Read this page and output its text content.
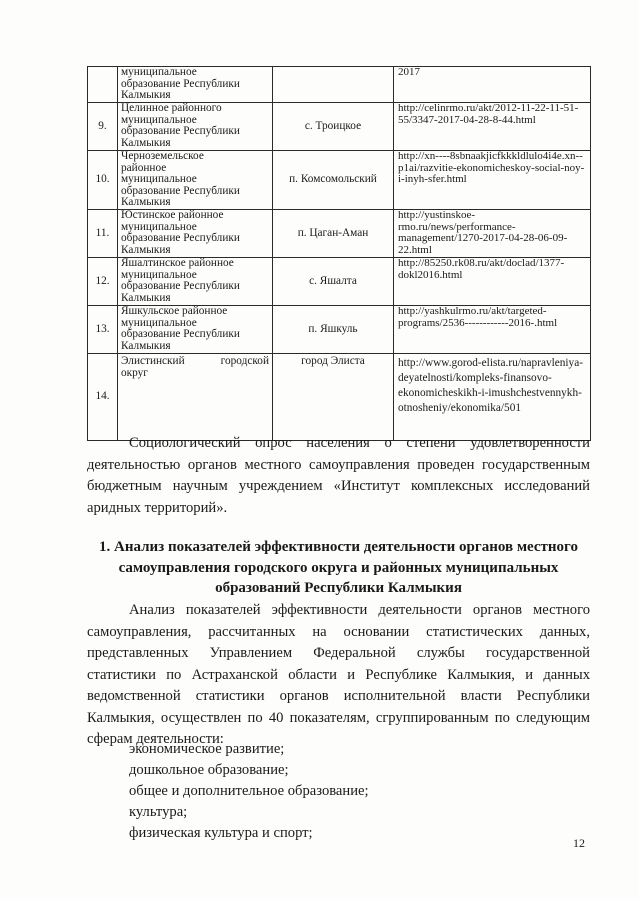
	муниципальное
образование Республики
Калмыкия		2017
9.	Целинное районного
муниципальное
образование Республики
Калмыкия	с. Троицкое	http://celinrmo.ru/akt/2012-11-22-11-51-55/3347-2017-04-28-8-44.html
10.	Черноземельское
районное
муниципальное
образование Республики
Калмыкия	п. Комсомольский	http://xn----8sbnaakjicfkkkldlulo4i4e.xn--p1ai/razvitie-ekonomicheskoy-social-noy-i-inyh-sfer.html
11.	Юстинское районное
муниципальное
образование Республики
Калмыкия	п. Цаган-Аман	http://yustinskoe-rmo.ru/news/performance-management/1270-2017-04-28-06-09-22.html
12.	Яшалтинское районное
муниципальное
образование Республики
Калмыкия	с. Яшалта	http://85250.rk08.ru/akt/doclad/1377-dokl2016.html
13.	Яшкульское районное
муниципальное
образование Республики
Калмыкия	п. Яшкуль	http://yashkulrmo.ru/akt/targeted-programs/2536------------2016-.html
14.	Элистинский городской
округ	город Элиста	http://www.gorod-elista.ru/napravleniya-deyatelnosti/kompleks-finansovo-ekonomicheskikh-i-imushchestvennykh-otnosheniy/ekonomika/501

Социологический опрос населения о степени удовлетворенности деятельностью органов местного самоуправления проведен государственным бюджетным научным учреждением «Институт комплексных исследований аридных территорий».

1. Анализ показателей эффективности деятельности органов местного самоуправления городского округа и районных муниципальных образований Республики Калмыкия

Анализ показателей эффективности деятельности органов местного самоуправления, рассчитанных на основании статистических данных, представленных Управлением Федеральной службы государственной статистики по Астраханской области и Республике Калмыкия, и данных ведомственной статистики органов исполнительной власти Республики Калмыкия, осуществлен по 40 показателям, сгруппированным по следующим сферам деятельности:

экономическое развитие;
дошкольное образование;
общее и дополнительное образование;
культура;
физическая культура и спорт;
12
